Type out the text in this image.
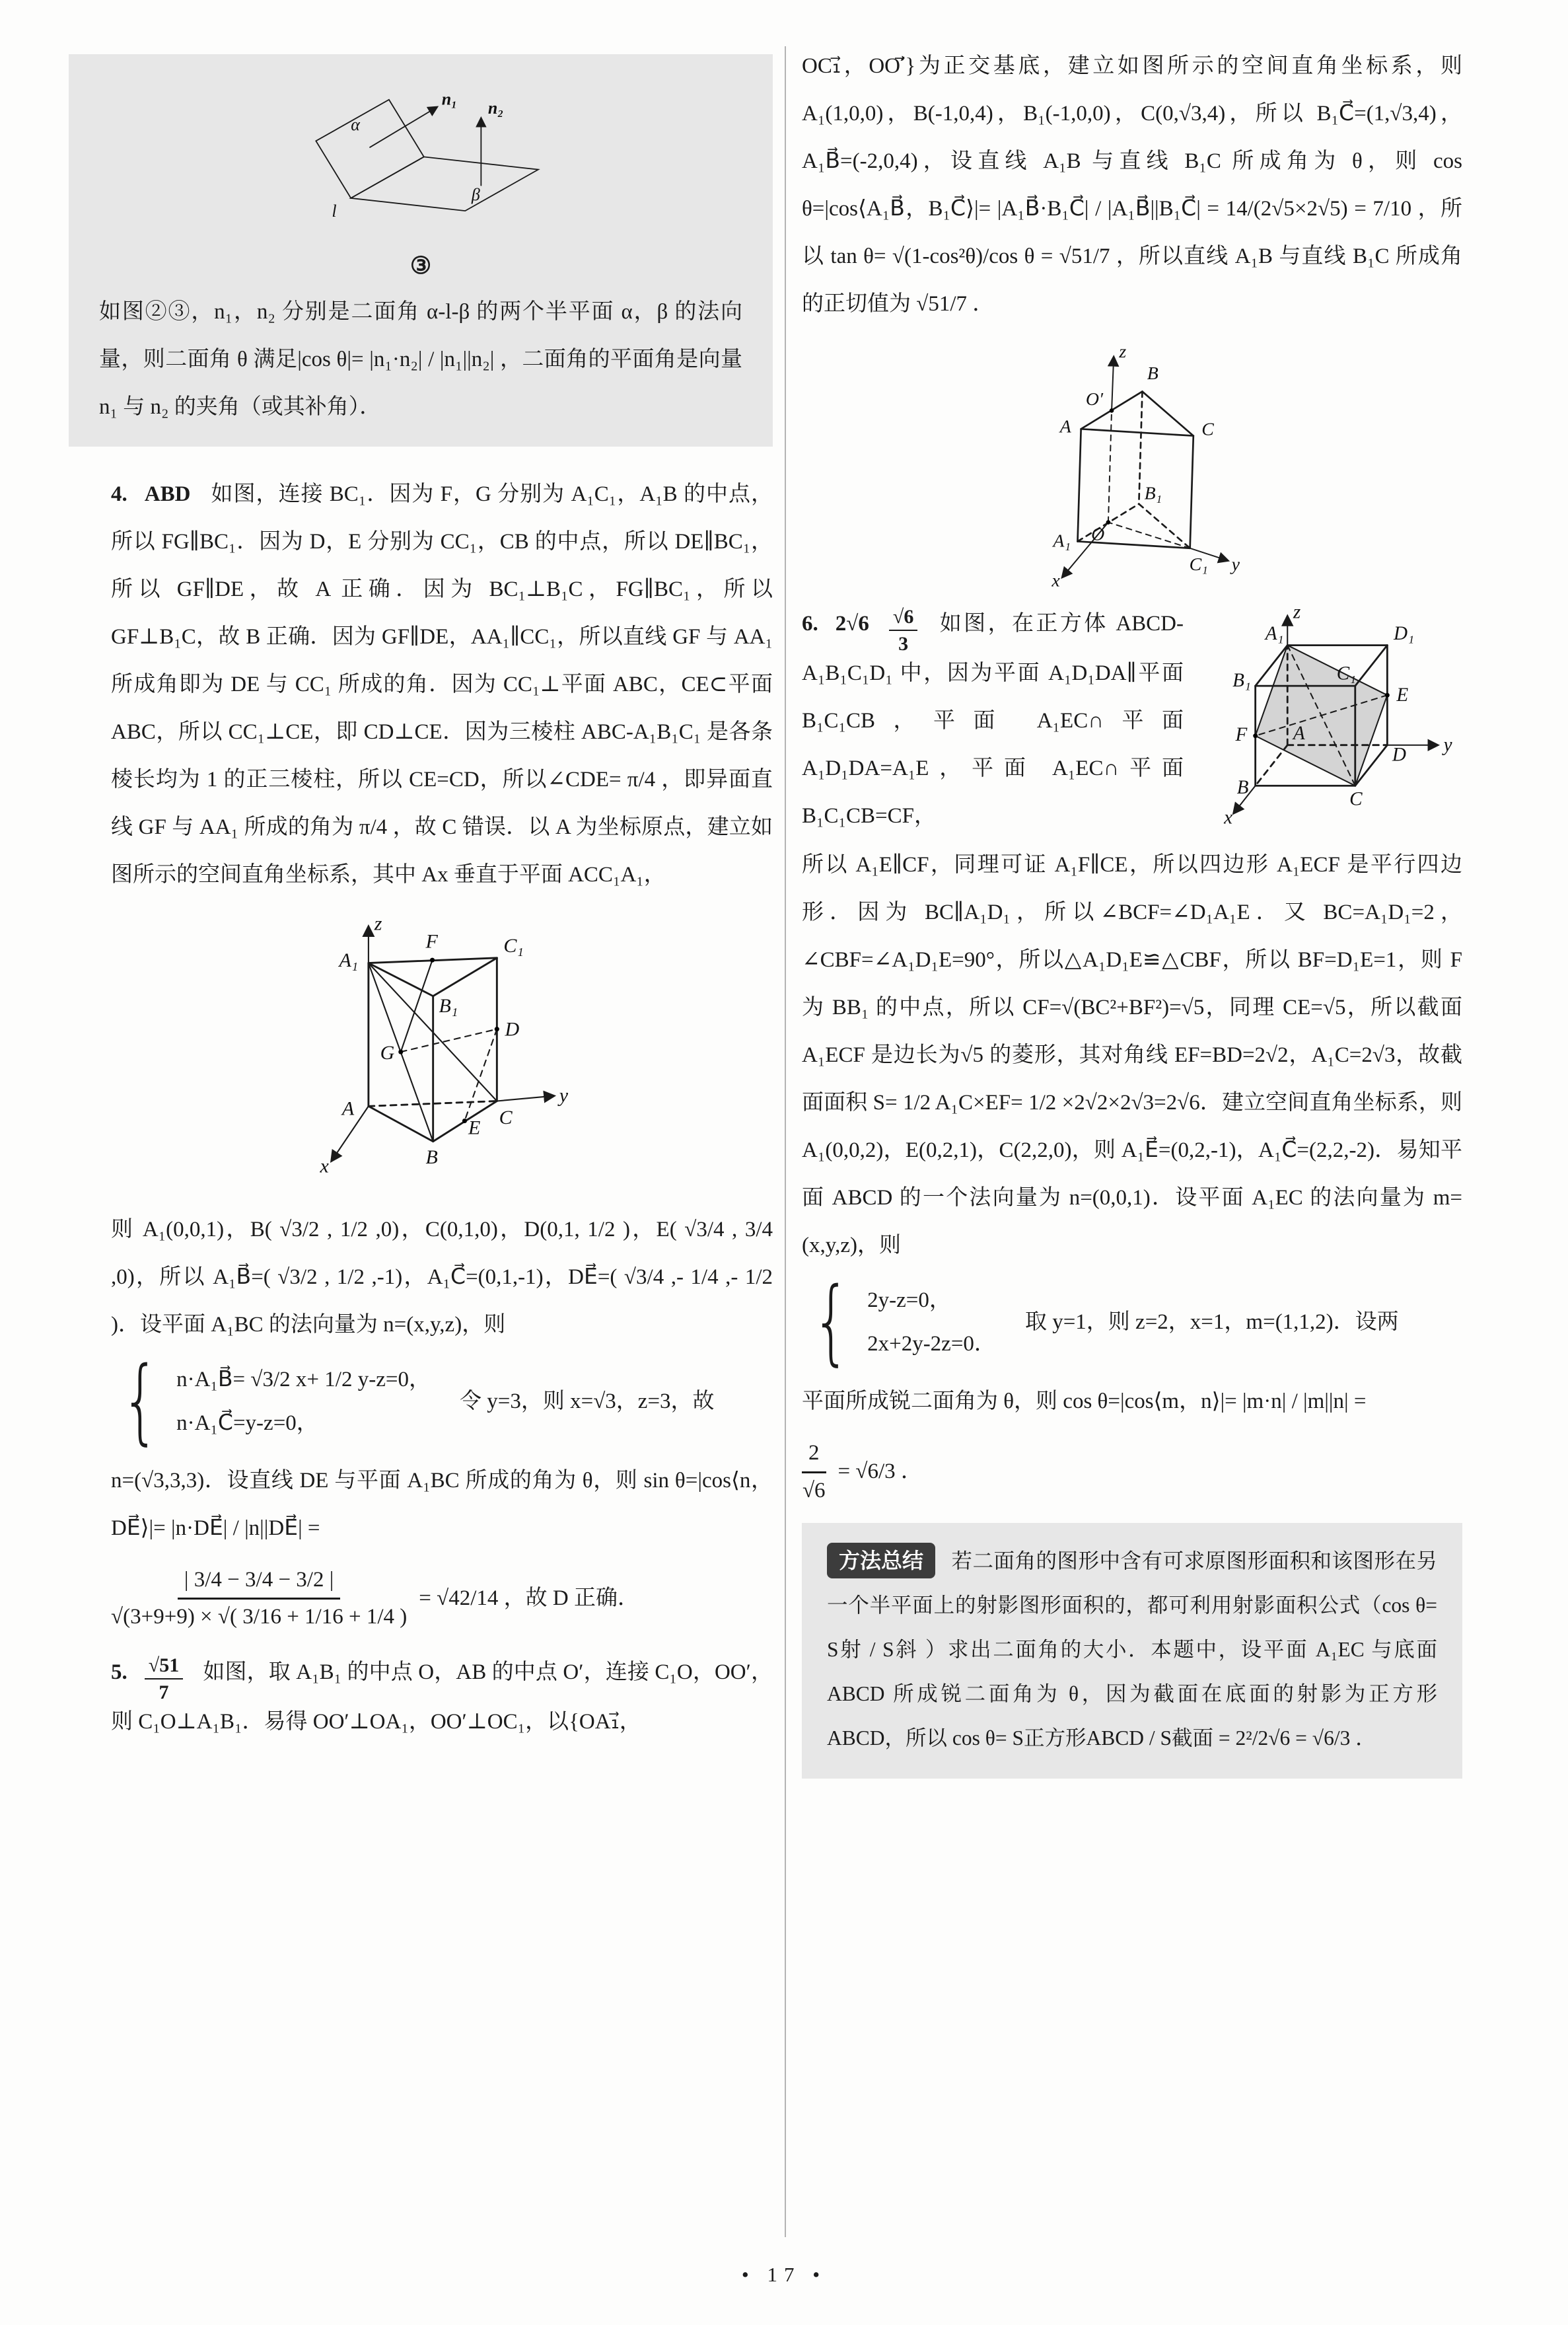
α
β
n₁ n₂
l
③

如图②③，n₁，n₂ 分别是二面角 α-l-β 的两个半平面 α，β 的法向量，则二面角 θ 满足|cos θ|= |n₁·n₂| / |n₁||n₂| ，二面角的平面角是向量 n₁ 与 n₂ 的夹角（或其补角）．

4. ABD 如图，连接 BC₁．因为 F，G 分别为 A₁C₁，A₁B 的中点，所以 FG∥BC₁．因为 D，E 分别为 CC₁，CB 的中点，所以 DE∥BC₁，所以 GF∥DE，故 A 正确．因为 BC₁⊥B₁C，FG∥BC₁，所以 GF⊥B₁C，故 B 正确．因为 GF∥DE，AA₁∥CC₁，所以直线 GF 与 AA₁ 所成角即为 DE 与 CC₁ 所成的角．因为 CC₁⊥平面 ABC，CE⊂平面 ABC，所以 CC₁⊥CE，即 CD⊥CE．因为三棱柱 ABC-A₁B₁C₁ 是各条棱长均为 1 的正三棱柱，所以 CE=CD，所以∠CDE= π/4 ，即异面直线 GF 与 AA₁ 所成的角为 π/4 ，故 C 错误．以 A 为坐标原点，建立如图所示的空间直角坐标系，其中 Ax 垂直于平面 ACC₁A₁，

z
A₁
F	C₁
B₁
D
G
A
E C
B
x
y

则 A₁(0,0,1)，B( √3/2 , 1/2 ,0)，C(0,1,0)，D(0,1, 1/2 )，E( √3/4 , 3/4 ,0)，所以 A₁B⃗=( √3/2 , 1/2 ,-1)，A₁C⃗=(0,1,-1)，DE⃗=( √3/4 ,- 1/4 ,- 1/2 )．设平面 A₁BC 的法向量为 n=(x,y,z)，则

{ n·A₁B⃗= √3/2 x+ 1/2 y-z=0，
n·A₁C⃗=y-z=0，
令 y=3，则 x=√3，z=3，故

n=(√3,3,3)．设直线 DE 与平面 A₁BC 所成的角为 θ，则 sin θ=|cos⟨n，DE⃗⟩|= |n·DE⃗| / |n||DE⃗| =

$\frac{| 3/4 - 3/4 - 3/2 |}{√(3+9+9) \times √( 3/16 + 1/16 + 1/4 )} = √42/14$ ，故 D 正确．

5. $\frac{√51}{7}$ 如图，取 A₁B₁ 的中点 O，AB 的中点 O′，连接 C₁O，OO′，则 C₁O⊥A₁B₁．易得 OO′⊥OA₁，OO′⊥OC₁，以{OA₁⃗，

OC₁⃗，OO′⃗}为正交基底，建立如图所示的空间直角坐标系，则 A₁(1,0,0)，B(-1,0,4)，B₁(-1,0,0)，C(0,√3,4)，所以 B₁C⃗=(1,√3,4)，A₁B⃗=(-2,0,4)，设直线 A₁B 与直线 B₁C 所成角为 θ，则 cos θ=|cos⟨A₁B⃗，B₁C⃗⟩|= |A₁B⃗·B₁C⃗| / |A₁B⃗||B₁C⃗| = 14/(2√5×2√5) = 7/10 ，所以 tan θ= √(1-cos²θ)/cos θ = √51/7 ，所以直线 A₁B 与直线 B₁C 所成角的正切值为 √51/7 ．

z
B
O′
A	C
B₁
A₁ O
C₁
x
y
z
A₁	D₁
B₁	C₁
E
F
D
A
B
C
x
y

6. $2√6 \frac{√6}{3}$ 如图，在正方体 ABCD-A₁B₁C₁D₁ 中，因为平面 A₁D₁DA∥平面 B₁C₁CB，平面 A₁EC∩平面 A₁D₁DA=A₁E，平面 A₁EC∩平面 B₁C₁CB=CF，

所以 A₁E∥CF，同理可证 A₁F∥CE，所以四边形 A₁ECF 是平行四边形．因为 BC∥A₁D₁，所以∠BCF=∠D₁A₁E．又 BC=A₁D₁=2，∠CBF=∠A₁D₁E=90°，所以△A₁D₁E≌△CBF，所以 BF=D₁E=1，则 F 为 BB₁ 的中点，所以 CF=√(BC²+BF²)=√5，同理 CE=√5，所以截面 A₁ECF 是边长为√5 的菱形，其对角线 EF=BD=2√2，A₁C=2√3，故截面面积 S= 1/2 A₁C×EF= 1/2 ×2√2×2√3=2√6．建立空间直角坐标系，则 A₁(0,0,2)，E(0,2,1)，C(2,2,0)，则 A₁E⃗=(0,2,-1)，A₁C⃗=(2,2,-2)．易知平面 ABCD 的一个法向量为 n=(0,0,1)．设平面 A₁EC 的法向量为 m=(x,y,z)，则

{ 2y-z=0，
2x+2y-2z=0．
取 y=1，则 z=2，x=1，m=(1,1,2)．设两

平面所成锐二面角为 θ，则 cos θ=|cos⟨m，n⟩|= |m·n| / |m||n| =

$\frac{2}{√6} = √6/3$ ．
方法总结 若二面角的图形中含有可求原图形面积和该图形在另一个半平面上的射影图形面积的，都可利用射影面积公式（cos θ= S射 / S斜 ）求出二面角的大小．本题中，设平面 A₁EC 与底面 ABCD 所成锐二面角为 θ，因为截面在底面的射影为正方形 ABCD，所以 cos θ= S正方形ABCD / S截面 = 2²/2√6 = √6/3 ．
• 17 •
